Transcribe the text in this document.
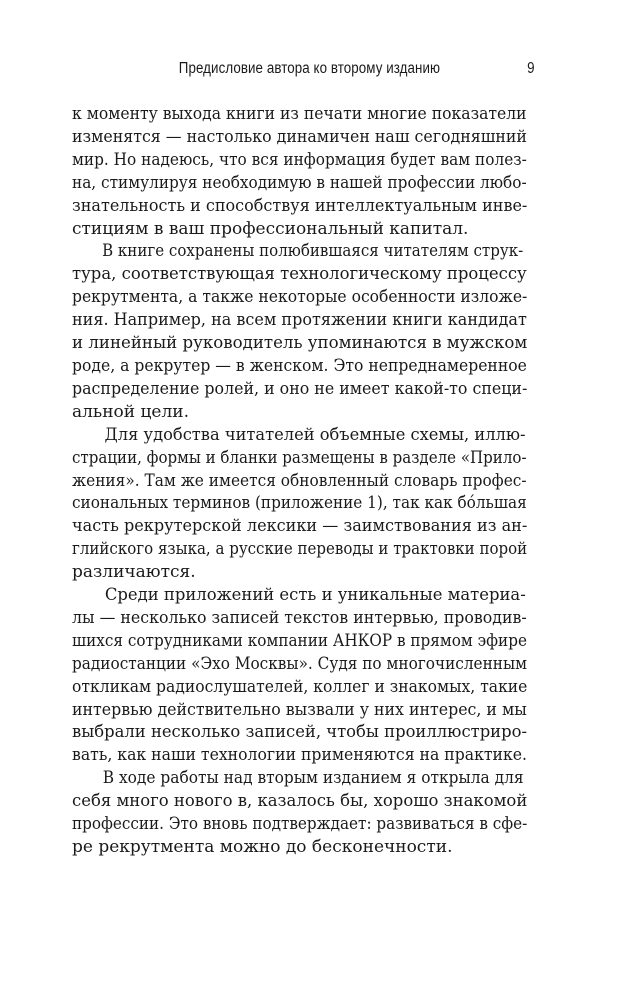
Предисловие автора ко второму изданию	9

к моменту выхода книги из печати многие показатели
изменятся — настолько динамичен наш сегодняшний
мир. Но надеюсь, что вся информация будет вам полез-
на, стимулируя необходимую в нашей профессии любо-
знательность и способствуя интеллектуальным инве-
стициям в ваш профессиональный капитал.

В книге сохранены полюбившаяся читателям струк-
тура, соответствующая технологическому процессу
рекрутмента, а также некоторые особенности изложе-
ния. Например, на всем протяжении книги кандидат
и линейный руководитель упоминаются в мужском
роде, а рекрутер — в женском. Это непреднамеренное
распределение ролей, и оно не имеет какой-то специ-
альной цели.

Для удобства читателей объемные схемы, иллю-
страции, формы и бланки размещены в разделе «Прило-
жения». Там же имеется обновленный словарь профес-
сиональных терминов (приложение 1), так как бо́льшая
часть рекрутерской лексики — заимствования из ан-
глийского языка, а русские переводы и трактовки порой
различаются.

Среди приложений есть и уникальные материа-
лы — несколько записей текстов интервью, проводив-
шихся сотрудниками компании АНКОР в прямом эфире
радиостанции «Эхо Москвы». Судя по многочисленным
откликам радиослушателей, коллег и знакомых, такие
интервью действительно вызвали у них интерес, и мы
выбрали несколько записей, чтобы проиллюстриро-
вать, как наши технологии применяются на практике.

В ходе работы над вторым изданием я открыла для
себя много нового в, казалось бы, хорошо знакомой
профессии. Это вновь подтверждает: развиваться в сфе-
ре рекрутмента можно до бесконечности.
